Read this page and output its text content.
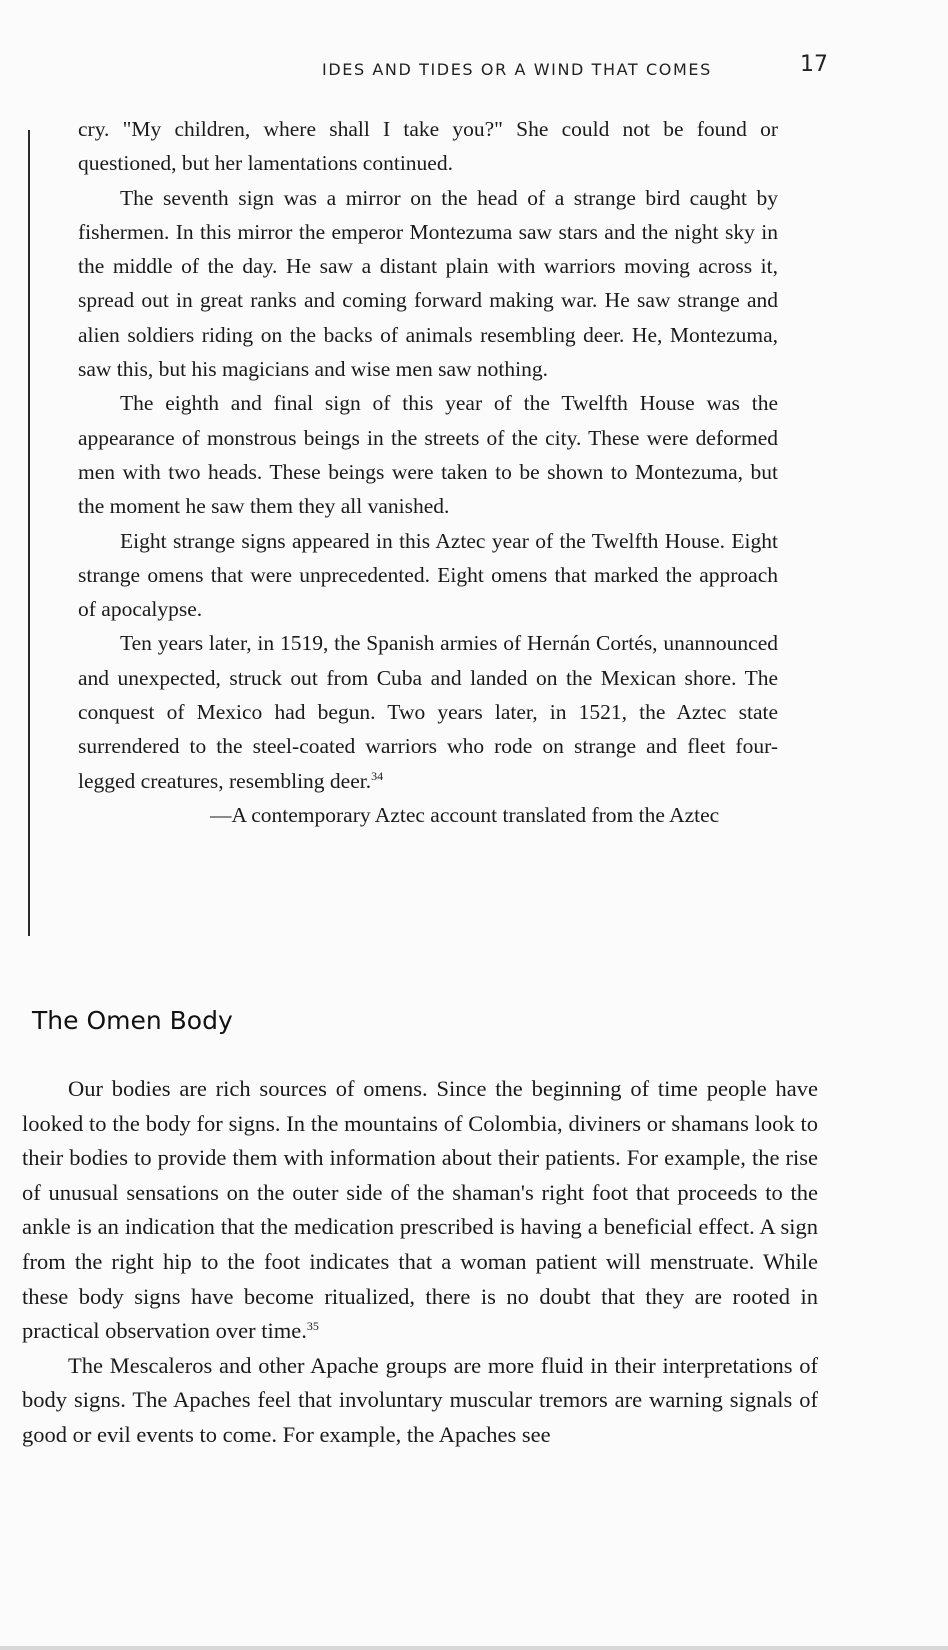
IDES AND TIDES OR A WIND THAT COMES	17

cry. "My children, where shall I take you?" She could not be found or questioned, but her lamentations continued.

The seventh sign was a mirror on the head of a strange bird caught by fishermen. In this mirror the emperor Montezuma saw stars and the night sky in the middle of the day. He saw a distant plain with warriors moving across it, spread out in great ranks and coming forward making war. He saw strange and alien soldiers riding on the backs of animals resembling deer. He, Montezuma, saw this, but his magicians and wise men saw nothing.

The eighth and final sign of this year of the Twelfth House was the appearance of monstrous beings in the streets of the city. These were deformed men with two heads. These beings were taken to be shown to Montezuma, but the moment he saw them they all vanished.

Eight strange signs appeared in this Aztec year of the Twelfth House. Eight strange omens that were unprecedented. Eight omens that marked the approach of apocalypse.

Ten years later, in 1519, the Spanish armies of Hernán Cortés, unannounced and unexpected, struck out from Cuba and landed on the Mexican shore. The conquest of Mexico had begun. Two years later, in 1521, the Aztec state surrendered to the steel-coated warriors who rode on strange and fleet four-legged creatures, resembling deer.$^{34}$

—A contemporary Aztec account translated from the Aztec

The Omen Body

Our bodies are rich sources of omens. Since the beginning of time people have looked to the body for signs. In the mountains of Colombia, diviners or shamans look to their bodies to provide them with information about their patients. For example, the rise of unusual sensations on the outer side of the shaman's right foot that proceeds to the ankle is an indication that the medication prescribed is having a beneficial effect. A sign from the right hip to the foot indicates that a woman patient will menstruate. While these body signs have become ritualized, there is no doubt that they are rooted in practical observation over time.$^{35}$

The Mescaleros and other Apache groups are more fluid in their interpretations of body signs. The Apaches feel that involuntary muscular tremors are warning signals of good or evil events to come. For example, the Apaches see
